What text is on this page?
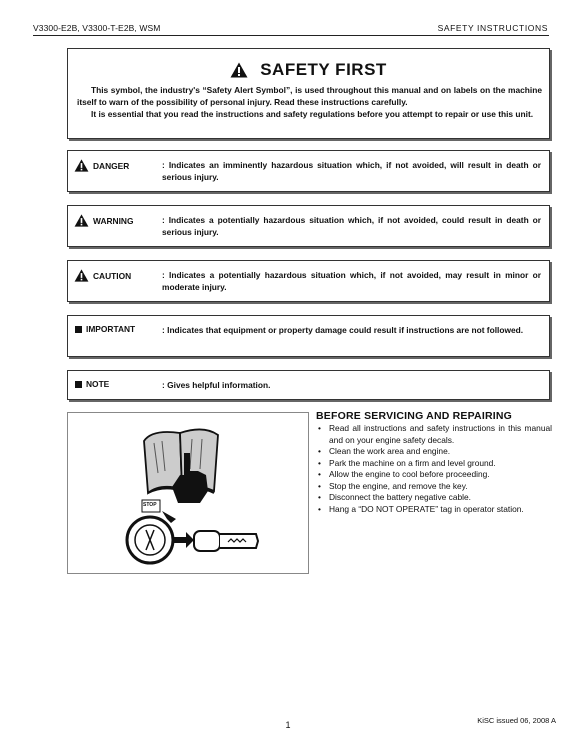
V3300-E2B, V3300-T-E2B, WSM	SAFETY INSTRUCTIONS
SAFETY FIRST

This symbol, the industry's “Safety Alert Symbol”, is used throughout this manual and on labels on the machine itself to warn of the possibility of personal injury. Read these instructions carefully.

It is essential that you read the instructions and safety regulations before you attempt to repair or use this unit.

DANGER	: Indicates an imminently hazardous situation which, if not avoided, will result in death or serious injury.
WARNING	: Indicates a potentially hazardous situation which, if not avoided, could result in death or serious injury.
CAUTION	: Indicates a potentially hazardous situation which, if not avoided, may result in minor or moderate injury.
IMPORTANT	: Indicates that equipment or property damage could result if instructions are not followed.
NOTE	: Gives helpful information.
STOP
BEFORE SERVICING AND REPAIRING
• Read all instructions and safety instructions in this manual and on your engine safety decals.
• Clean the work area and engine.
• Park the machine on a firm and level ground.
• Allow the engine to cool before proceeding.
• Stop the engine, and remove the key.
• Disconnect the battery negative cable.
• Hang a “DO NOT OPERATE” tag in operator station.
1	KiSC issued 06, 2008 A
